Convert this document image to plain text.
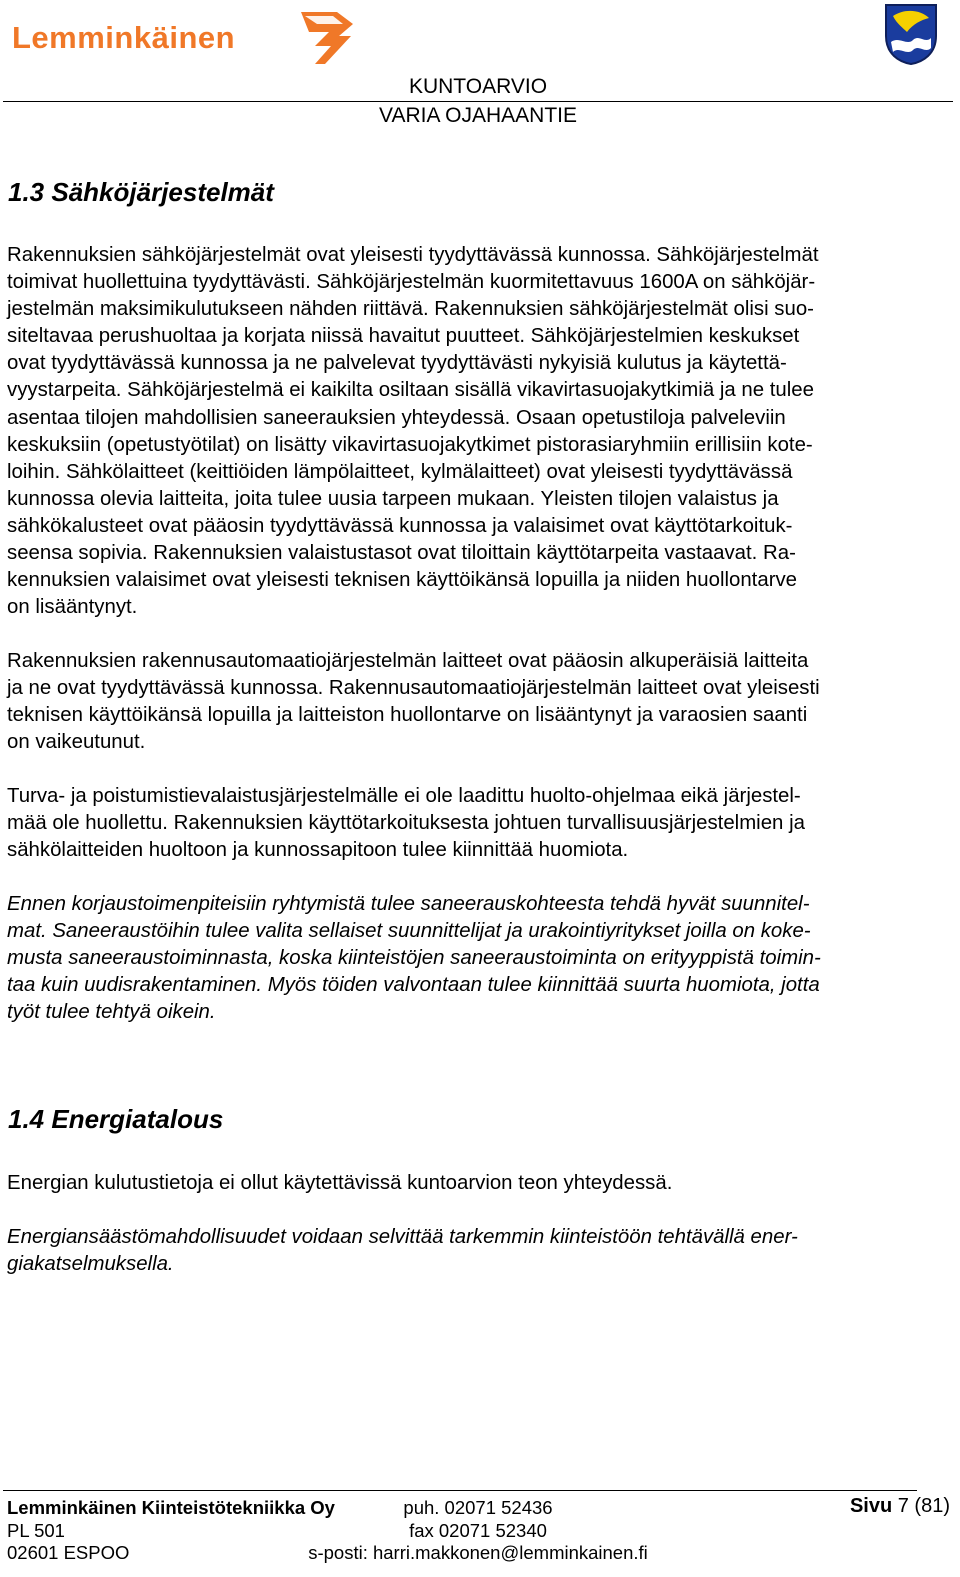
Lemminkäinen
KUNTOARVIO
VARIA OJAHAANTIE
1.3 Sähköjärjestelmät
Rakennuksien sähköjärjestelmät ovat yleisesti tyydyttävässä kunnossa. Sähköjärjestelmät
toimivat huollettuina tyydyttävästi. Sähköjärjestelmän kuormitettavuus 1600A on sähköjär-
jestelmän maksimikulutukseen nähden riittävä. Rakennuksien sähköjärjestelmät olisi suo-
siteltavaa perushuoltaa ja korjata niissä havaitut puutteet. Sähköjärjestelmien keskukset
ovat tyydyttävässä kunnossa ja ne palvelevat tyydyttävästi nykyisiä kulutus ja käytettä-
vyystarpeita. Sähköjärjestelmä ei kaikilta osiltaan sisällä vikavirtasuojakytkimiä ja ne tulee
asentaa tilojen mahdollisien saneerauksien yhteydessä. Osaan opetustiloja palveleviin
keskuksiin (opetustyötilat) on lisätty vikavirtasuojakytkimet pistorasiaryhmiin erillisiin kote-
loihin. Sähkölaitteet (keittiöiden lämpölaitteet, kylmälaitteet) ovat yleisesti tyydyttävässä
kunnossa olevia laitteita, joita tulee uusia tarpeen mukaan. Yleisten tilojen valaistus ja
sähkökalusteet ovat pääosin tyydyttävässä kunnossa ja valaisimet ovat käyttötarkoituk-
seensa sopivia. Rakennuksien valaistustasot ovat tiloittain käyttötarpeita vastaavat. Ra-
kennuksien valaisimet ovat yleisesti teknisen käyttöikänsä lopuilla ja niiden huollontarve
on lisääntynyt.
Rakennuksien rakennusautomaatiojärjestelmän laitteet ovat pääosin alkuperäisiä laitteita
ja ne ovat tyydyttävässä kunnossa. Rakennusautomaatiojärjestelmän laitteet ovat yleisesti
teknisen käyttöikänsä lopuilla ja laitteiston huollontarve on lisääntynyt ja varaosien saanti
on vaikeutunut.
Turva- ja poistumistievalaistusjärjestelmälle ei ole laadittu huolto-ohjelmaa eikä järjestel-
mää ole huollettu. Rakennuksien käyttötarkoituksesta johtuen turvallisuusjärjestelmien ja
sähkölaitteiden huoltoon ja kunnossapitoon tulee kiinnittää huomiota.
Ennen korjaustoimenpiteisiin ryhtymistä tulee saneerauskohteesta tehdä hyvät suunnitel-
mat. Saneeraustöihin tulee valita sellaiset suunnittelijat ja urakointiyritykset joilla on koke-
musta saneeraustoiminnasta, koska kiinteistöjen saneeraustoiminta on erityyppistä toimin-
taa kuin uudisrakentaminen. Myös töiden valvontaan tulee kiinnittää suurta huomiota, jotta
työt tulee tehtyä oikein.
1.4 Energiatalous
Energian kulutustietoja ei ollut käytettävissä kuntoarvion teon yhteydessä.
Energiansäästömahdollisuudet voidaan selvittää tarkemmin kiinteistöön tehtävällä ener-
giakatselmuksella.
Lemminkäinen Kiinteistötekniikka Oy
PL 501
02601 ESPOO
puh. 02071 52436
fax 02071 52340
s-posti: harri.makkonen@lemminkainen.fi
Sivu 7 (81)
